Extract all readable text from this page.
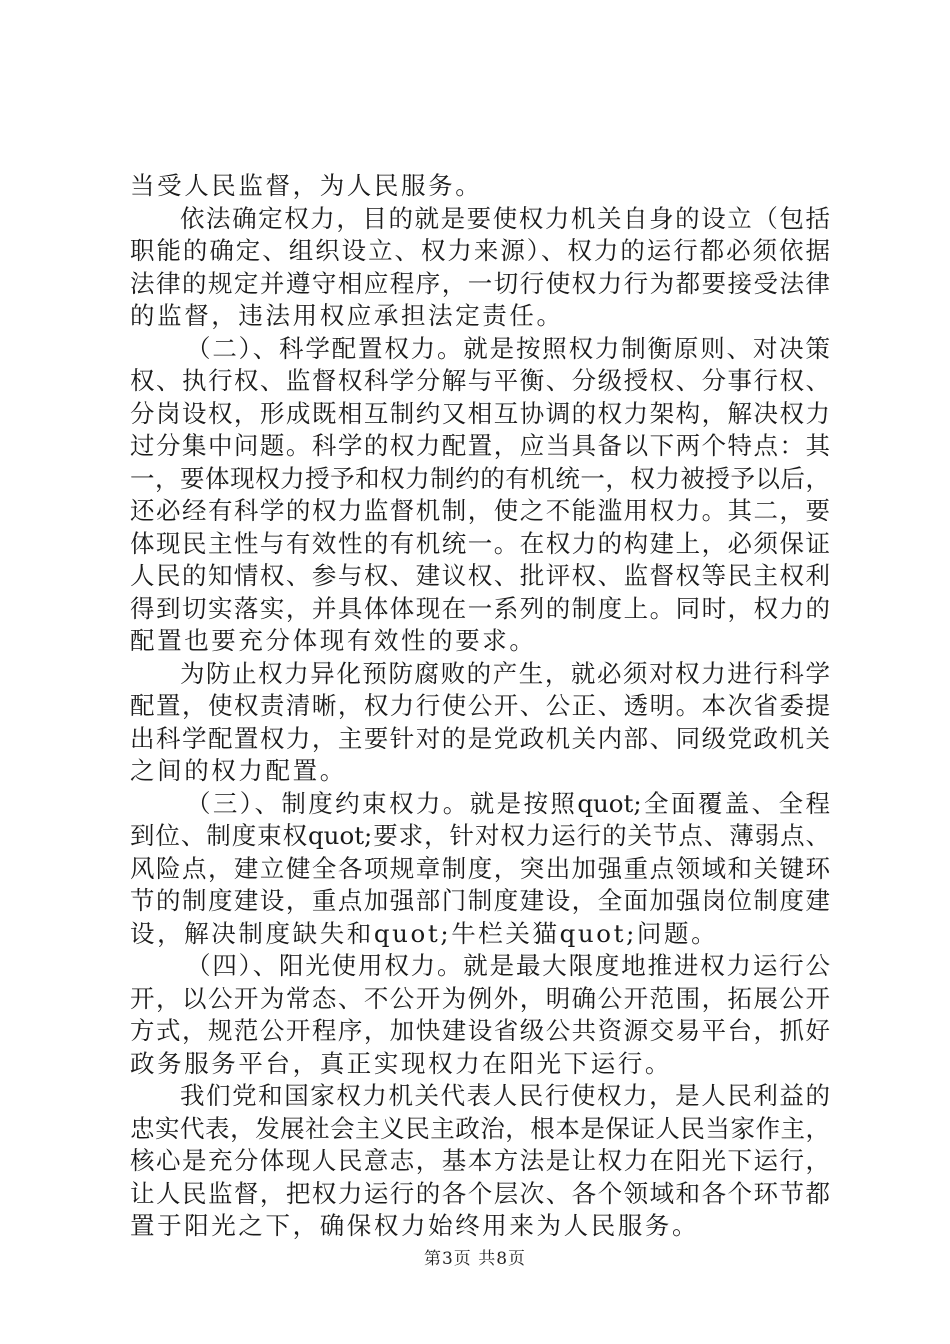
当受人民监督，为人民服务。
依法确定权力，目的就是要使权力机关自身的设立（包括
职能的确定、组织设立、权力来源）、权力的运行都必须依据
法律的规定并遵守相应程序，一切行使权力行为都要接受法律
的监督，违法用权应承担法定责任。
（二）、科学配置权力。就是按照权力制衡原则、对决策
权、执行权、监督权科学分解与平衡、分级授权、分事行权、
分岗设权，形成既相互制约又相互协调的权力架构，解决权力
过分集中问题。科学的权力配置，应当具备以下两个特点：其
一，要体现权力授予和权力制约的有机统一，权力被授予以后，
还必经有科学的权力监督机制，使之不能滥用权力。其二，要
体现民主性与有效性的有机统一。在权力的构建上，必须保证
人民的知情权、参与权、建议权、批评权、监督权等民主权利
得到切实落实，并具体体现在一系列的制度上。同时，权力的
配置也要充分体现有效性的要求。
为防止权力异化预防腐败的产生，就必须对权力进行科学
配置，使权责清晰，权力行使公开、公正、透明。本次省委提
出科学配置权力，主要针对的是党政机关内部、同级党政机关
之间的权力配置。
（三）、制度约束权力。就是按照quot;全面覆盖、全程
到位、制度束权quot;要求，针对权力运行的关节点、薄弱点、
风险点，建立健全各项规章制度，突出加强重点领域和关键环
节的制度建设，重点加强部门制度建设，全面加强岗位制度建
设，解决制度缺失和quot;牛栏关猫quot;问题。
（四）、阳光使用权力。就是最大限度地推进权力运行公
开，以公开为常态、不公开为例外，明确公开范围，拓展公开
方式，规范公开程序，加快建设省级公共资源交易平台，抓好
政务服务平台，真正实现权力在阳光下运行。
我们党和国家权力机关代表人民行使权力，是人民利益的
忠实代表，发展社会主义民主政治，根本是保证人民当家作主，
核心是充分体现人民意志，基本方法是让权力在阳光下运行，
让人民监督，把权力运行的各个层次、各个领域和各个环节都
置于阳光之下，确保权力始终用来为人民服务。
第3页 共8页
